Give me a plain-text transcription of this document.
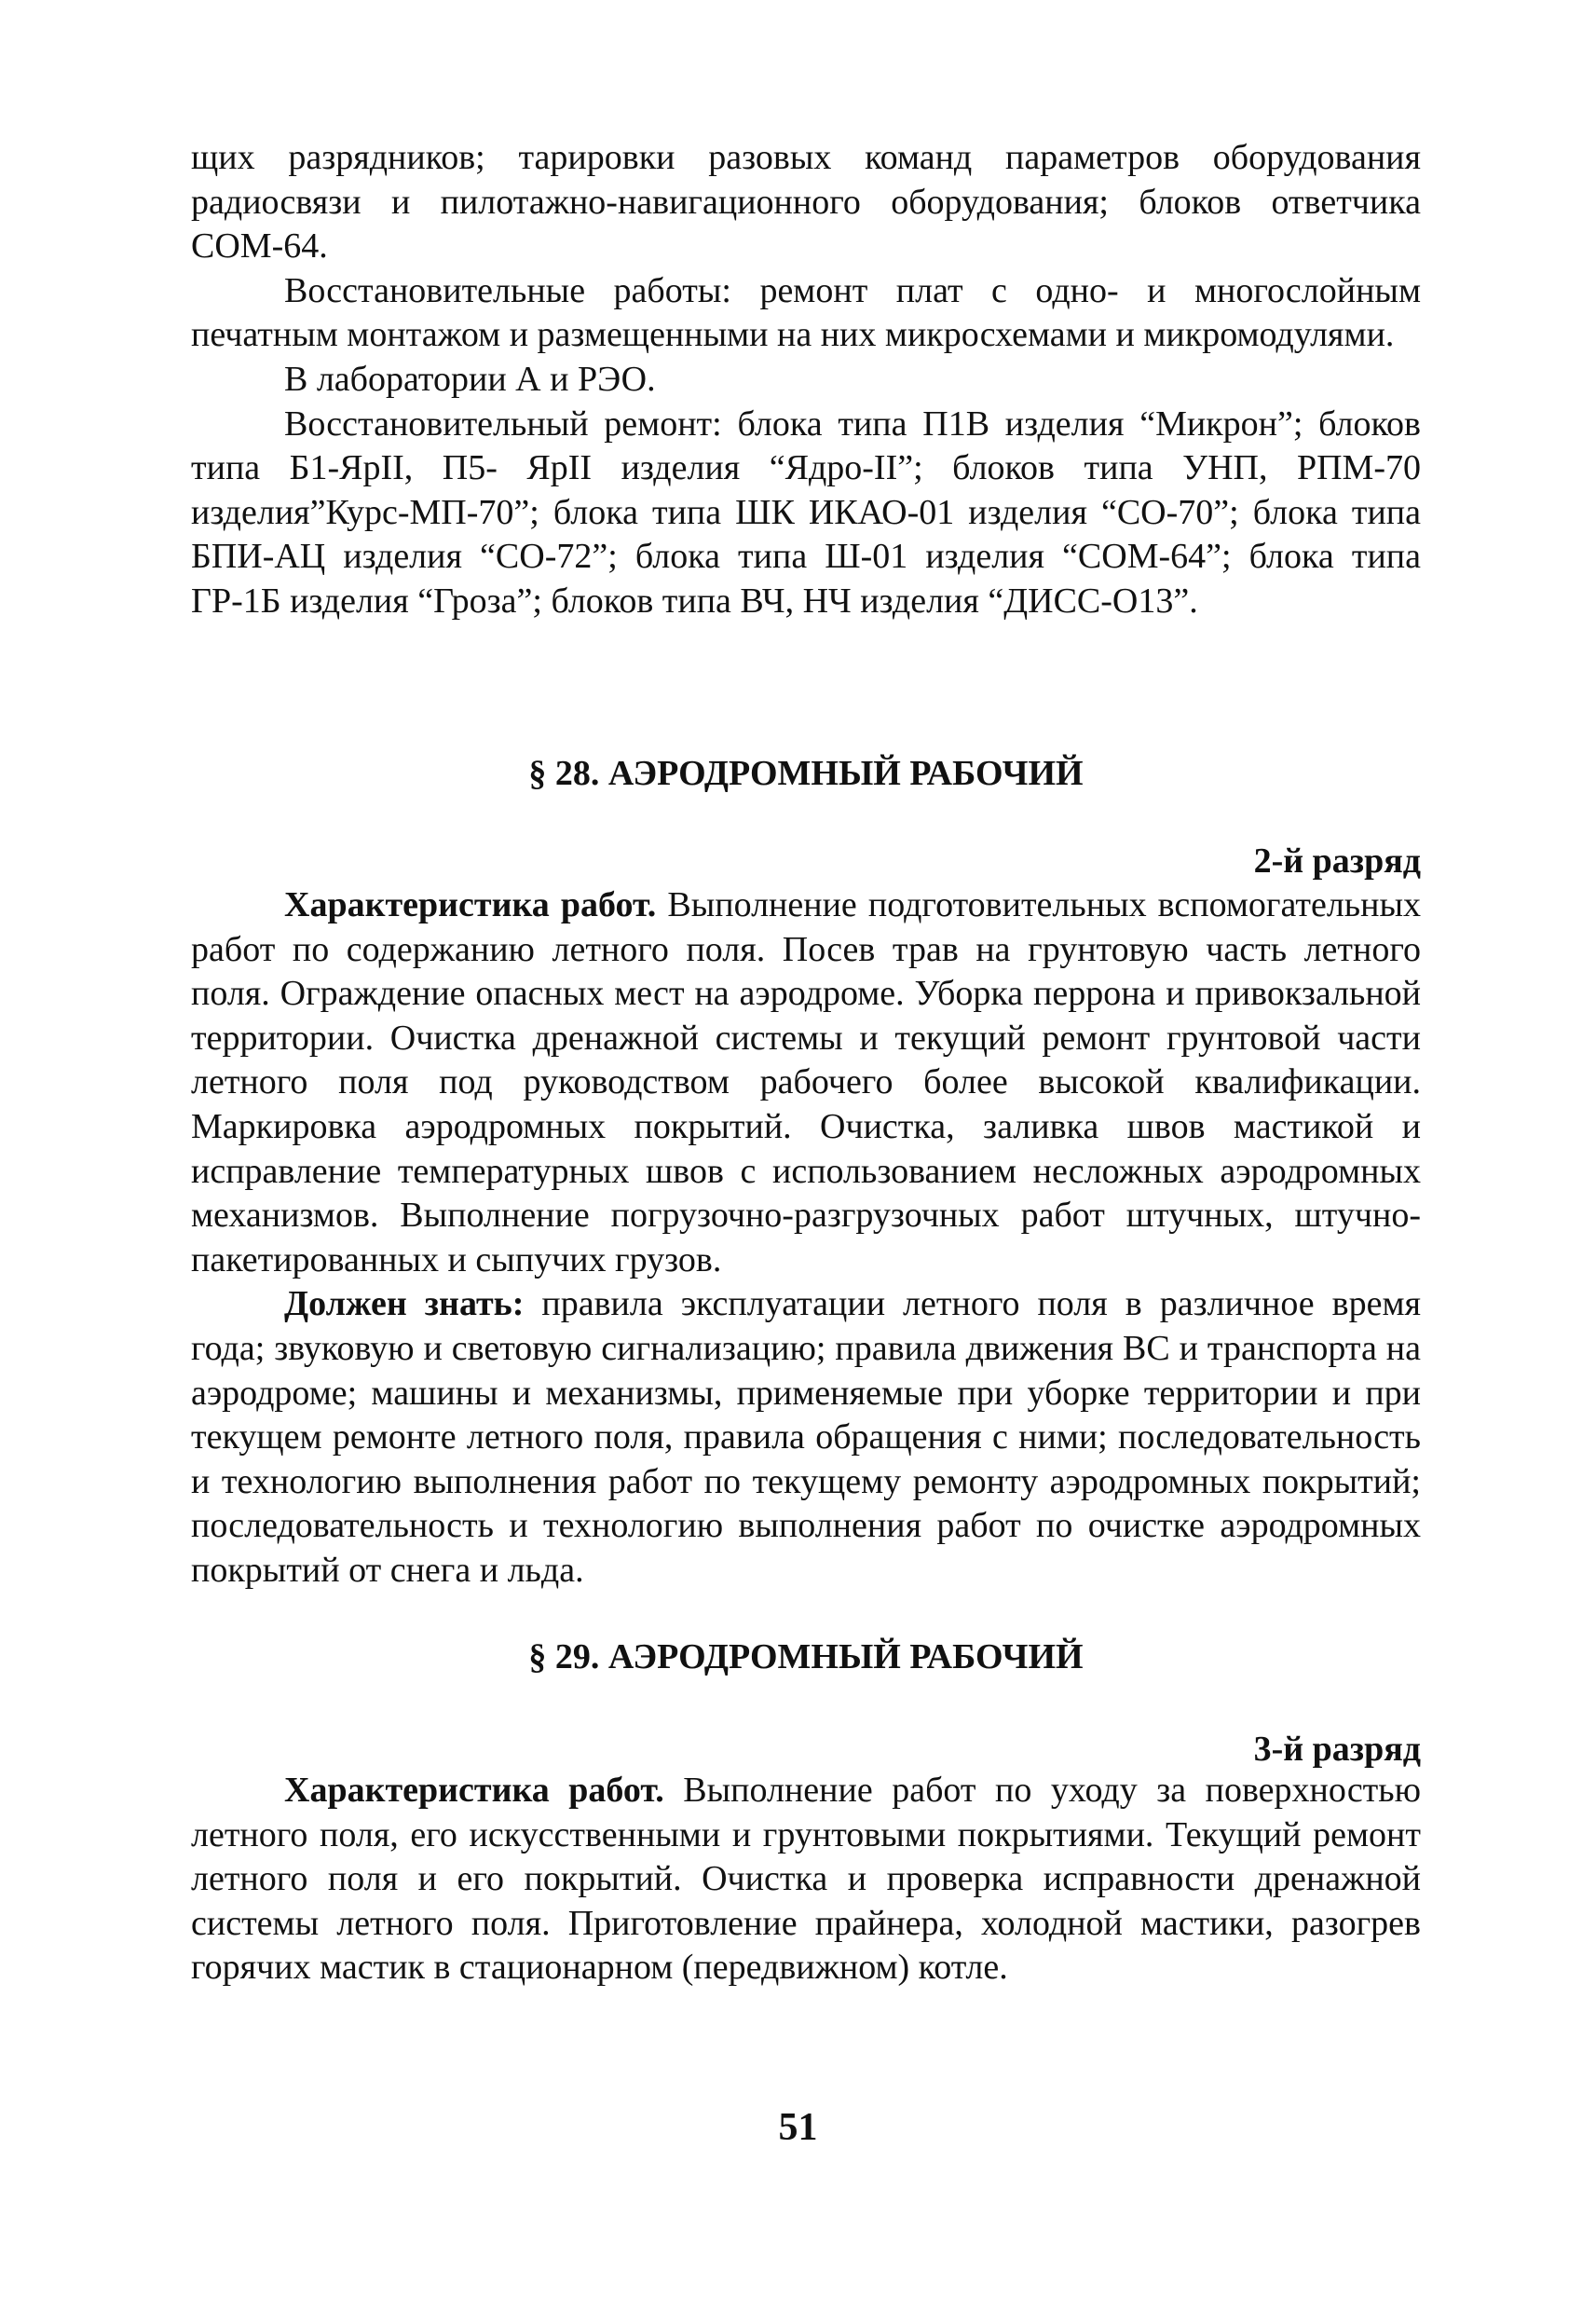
щих разрядников; тарировки разовых команд параметров оборудования радиосвязи и пилотажно-навигационного оборудования; блоков ответчика СОМ-64.

Восстановительные работы: ремонт плат с одно- и многослойным печатным монтажом и размещенными на них микросхемами и микромодулями.

В лаборатории А и РЭО.

Восстановительный ремонт: блока типа П1В изделия “Микрон”; блоков типа Б1-ЯрII, П5- ЯрII изделия “Ядро-II”; блоков типа УНП, РПМ-70 изделия”Курс-МП-70”; блока типа ШК ИКАО-01 изделия “СО-70”; блока типа БПИ-АЦ изделия “СО-72”; блока типа Ш-01 изделия “СОМ-64”; блока типа ГР-1Б изделия “Гроза”; блоков типа ВЧ, НЧ изделия “ДИСС-О13”.

§ 28. АЭРОДРОМНЫЙ РАБОЧИЙ
2-й разряд

Характеристика работ. Выполнение подготовительных вспомогательных работ по содержанию летного поля. Посев трав на грунтовую часть летного поля. Ограждение опасных мест на аэродроме. Уборка перрона и привокзальной территории. Очистка дренажной системы и текущий ремонт грунтовой части летного поля под руководством рабочего более высокой квалификации. Маркировка аэродромных покрытий. Очистка, заливка швов мастикой и исправление температурных швов с использованием несложных аэродромных механизмов. Выполнение погрузочно-разгрузочных работ штучных, штучно-пакетированных и сыпучих грузов.

Должен знать: правила эксплуатации летного поля в различное время года; звуковую и световую сигнализацию; правила движения ВС и транспорта на аэродроме; машины и механизмы, применяемые при уборке территории и при текущем ремонте летного поля, правила обращения с ними; последовательность и технологию выполнения работ по текущему ремонту аэродромных покрытий; последовательность и технологию выполнения работ по очистке аэродромных покрытий от снега и льда.

§ 29. АЭРОДРОМНЫЙ РАБОЧИЙ
3-й разряд

Характеристика работ. Выполнение работ по уходу за поверхностью летного поля, его искусственными и грунтовыми покрытиями. Текущий ремонт летного поля и его покрытий. Очистка и проверка исправности дренажной системы летного поля. Приготовление прайнера, холодной мастики, разогрев горячих мастик в стационарном (передвижном) котле.

51
